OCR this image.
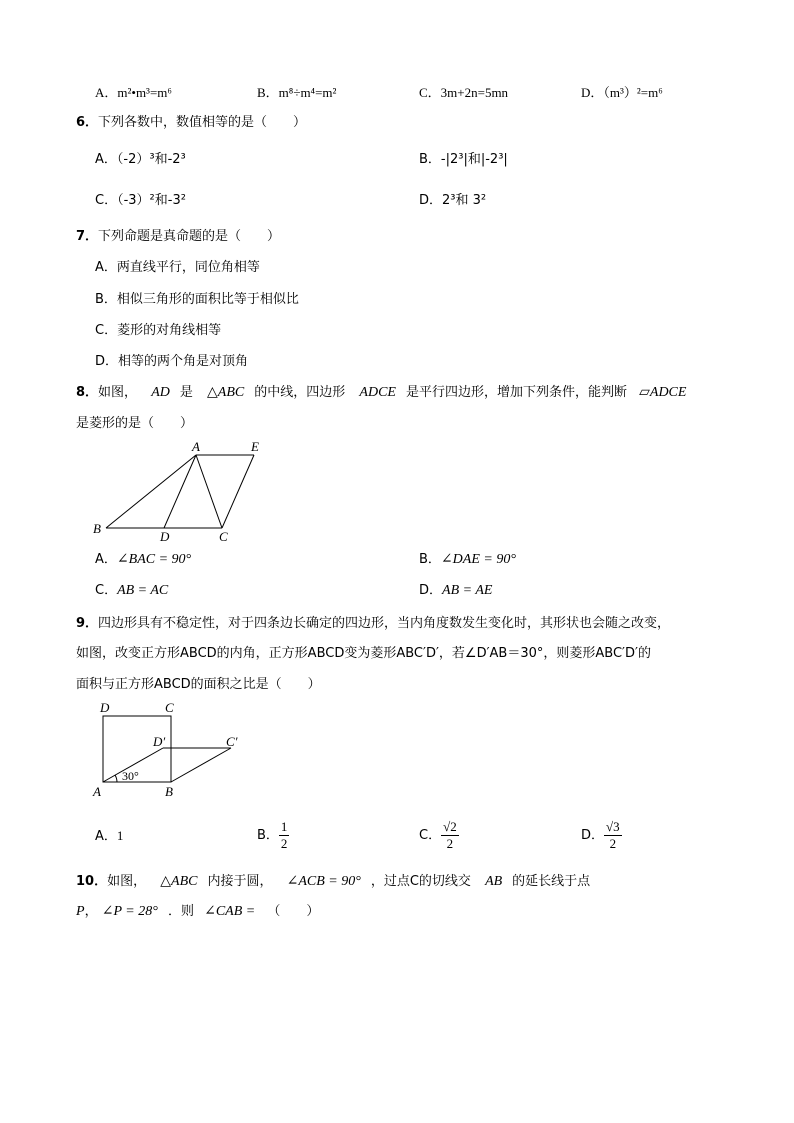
A．m²•m³=m⁶	B．m⁸÷m⁴=m²	C．3m+2n=5mn	D．（m³）²=m⁶
6．下列各数中，数值相等的是（　　）
A．（-2）³和-2³	B．-|2³|和|-2³|
C．（-3）²和-3²	D．2³和 3²
7．下列命题是真命题的是（　　）
A．两直线平行，同位角相等
B．相似三角形的面积比等于相似比
C．菱形的对角线相等
D．相等的两个角是对顶角
8．如图， AD 是 △ABC 的中线，四边形 ADCE 是平行四边形，增加下列条件，能判断 ▱ADCE
是菱形的是（　　）
A	E
B
D	C
A．∠BAC = 90°	B．∠DAE = 90°
C．AB = AC	D．AB = AE
9．四边形具有不稳定性，对于四条边长确定的四边形，当内角度数发生变化时，其形状也会随之改变，
如图，改变正方形ABCD的内角，正方形ABCD变为菱形ABC′D′，若∠D′AB＝30°，则菱形ABC′D′的
面积与正方形ABCD的面积之比是（　　）
D	C
D′	C′
A	B
30°
A．1	B． $\frac{1}{2}$	C． $\frac{√2}{2}$	D． $\frac{√3}{2}$
10．如图， △ABC 内接于圆， ∠ACB = 90° ，过点C的切线交 AB 的延长线于点
P， ∠P = 28° ．则 ∠CAB = （　　）
